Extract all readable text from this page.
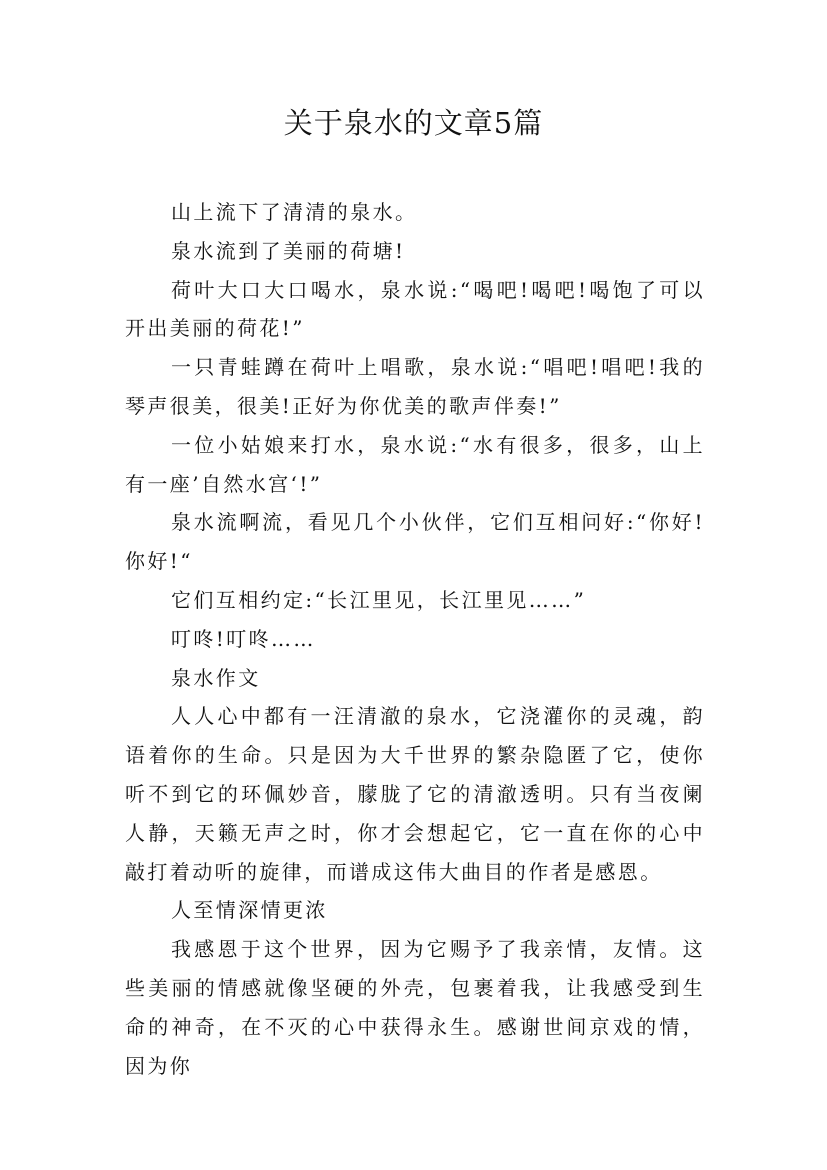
关于泉水的文章5篇

山上流下了清清的泉水。

泉水流到了美丽的荷塘!

荷叶大口大口喝水，泉水说:“喝吧!喝吧!喝饱了可以开出美丽的荷花!”

一只青蛙蹲在荷叶上唱歌，泉水说:“唱吧!唱吧!我的琴声很美，很美!正好为你优美的歌声伴奏!”

一位小姑娘来打水，泉水说:“水有很多，很多，山上有一座’自然水宫‘!”

泉水流啊流，看见几个小伙伴，它们互相问好:“你好!你好!“

它们互相约定:“长江里见，长江里见……”

叮咚!叮咚……

泉水作文

人人心中都有一汪清澈的泉水，它浇灌你的灵魂，韵语着你的生命。只是因为大千世界的繁杂隐匿了它，使你听不到它的环佩妙音，朦胧了它的清澈透明。只有当夜阑人静，天籁无声之时，你才会想起它，它一直在你的心中敲打着动听的旋律，而谱成这伟大曲目的作者是感恩。

人至情深情更浓

我感恩于这个世界，因为它赐予了我亲情，友情。这些美丽的情感就像坚硬的外壳，包裹着我，让我感受到生命的神奇，在不灭的心中获得永生。感谢世间京戏的情，因为你
